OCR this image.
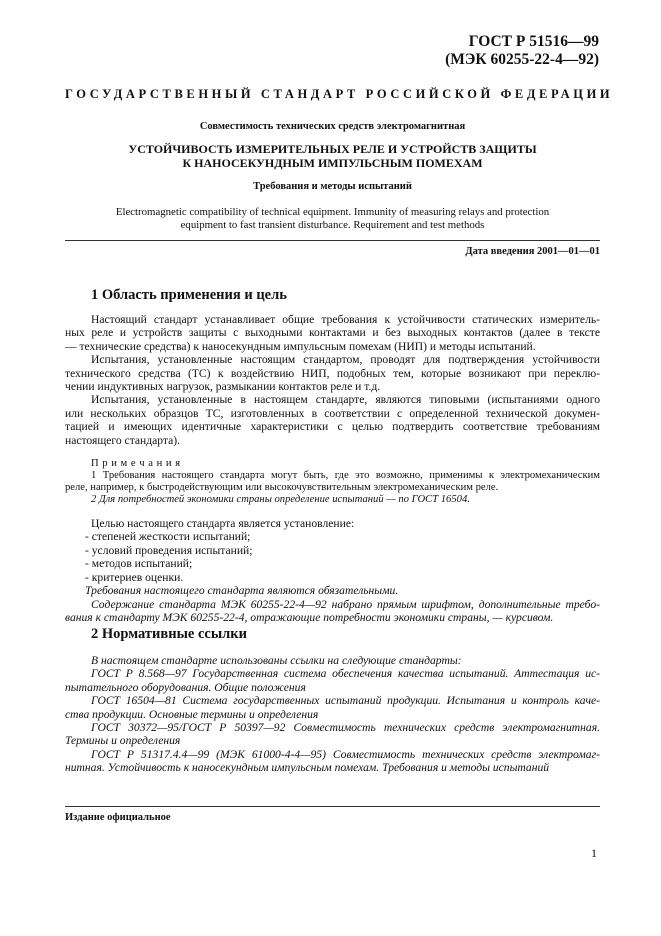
ГОСТ Р 51516—99
(МЭК 60255-22-4—92)
ГОСУДАРСТВЕННЫЙ СТАНДАРТ РОССИЙСКОЙ ФЕДЕРАЦИИ
Совместимость технических средств электромагнитная
УСТОЙЧИВОСТЬ ИЗМЕРИТЕЛЬНЫХ РЕЛЕ И УСТРОЙСТВ ЗАЩИТЫ
К НАНОСЕКУНДНЫМ ИМПУЛЬСНЫМ ПОМЕХАМ
Требования и методы испытаний
Electromagnetic compatibility of technical equipment. Immunity of measuring relays and protection
equipment to fast transient disturbance. Requirement and test methods
Дата введения 2001—01—01
1 Область применения и цель
Настоящий стандарт устанавливает общие требования к устойчивости статических измеритель-
ных реле и устройств защиты с выходными контактами и без выходных контактов (далее в тексте
— технические средства) к наносекундным импульсным помехам (НИП) и методы испытаний.
Испытания, установленные настоящим стандартом, проводят для подтверждения устойчивости
технического средства (ТС) к воздействию НИП, подобных тем, которые возникают при переклю-
чении индуктивных нагрузок, размыкании контактов реле и т.д.
Испытания, установленные в настоящем стандарте, являются типовыми (испытаниями одного
или нескольких образцов ТС, изготовленных в соответствии с определенной технической докумен-
тацией и имеющих идентичные характеристики с целью подтвердить соответствие требованиям
настоящего стандарта).
П р и м е ч а н и я
1 Требования настоящего стандарта могут быть, где это возможно, применимы к электромеханическим
реле, например, к быстродействующим или высокочувствительным электромеханическим реле.
2 Для потребностей экономики страны определение испытаний — по ГОСТ 16504.
Целью настоящего стандарта является установление:
- степеней жесткости испытаний;
- условий проведения испытаний;
- методов испытаний;
- критериев оценки.
Требования настоящего стандарта являются обязательными.
Содержание стандарта МЭК 60255-22-4—92 набрано прямым шрифтом, дополнительные требо-
вания к стандарту МЭК 60255-22-4, отражающие потребности экономики страны, — курсивом.
2 Нормативные ссылки
В настоящем стандарте использованы ссылки на следующие стандарты:
ГОСТ Р 8.568—97 Государственная система обеспечения качества испытаний. Аттестация ис-
пытательного оборудования. Общие положения
ГОСТ 16504—81 Система государственных испытаний продукции. Испытания и контроль каче-
ства продукции. Основные термины и определения
ГОСТ 30372—95/ГОСТ Р 50397—92 Совместимость технических средств электромагнитная.
Термины и определения
ГОСТ Р 51317.4.4—99 (МЭК 61000-4-4—95) Совместимость технических средств электромаг-
нитная. Устойчивость к наносекундным импульсным помехам. Требования и методы испытаний
Издание официальное
1
